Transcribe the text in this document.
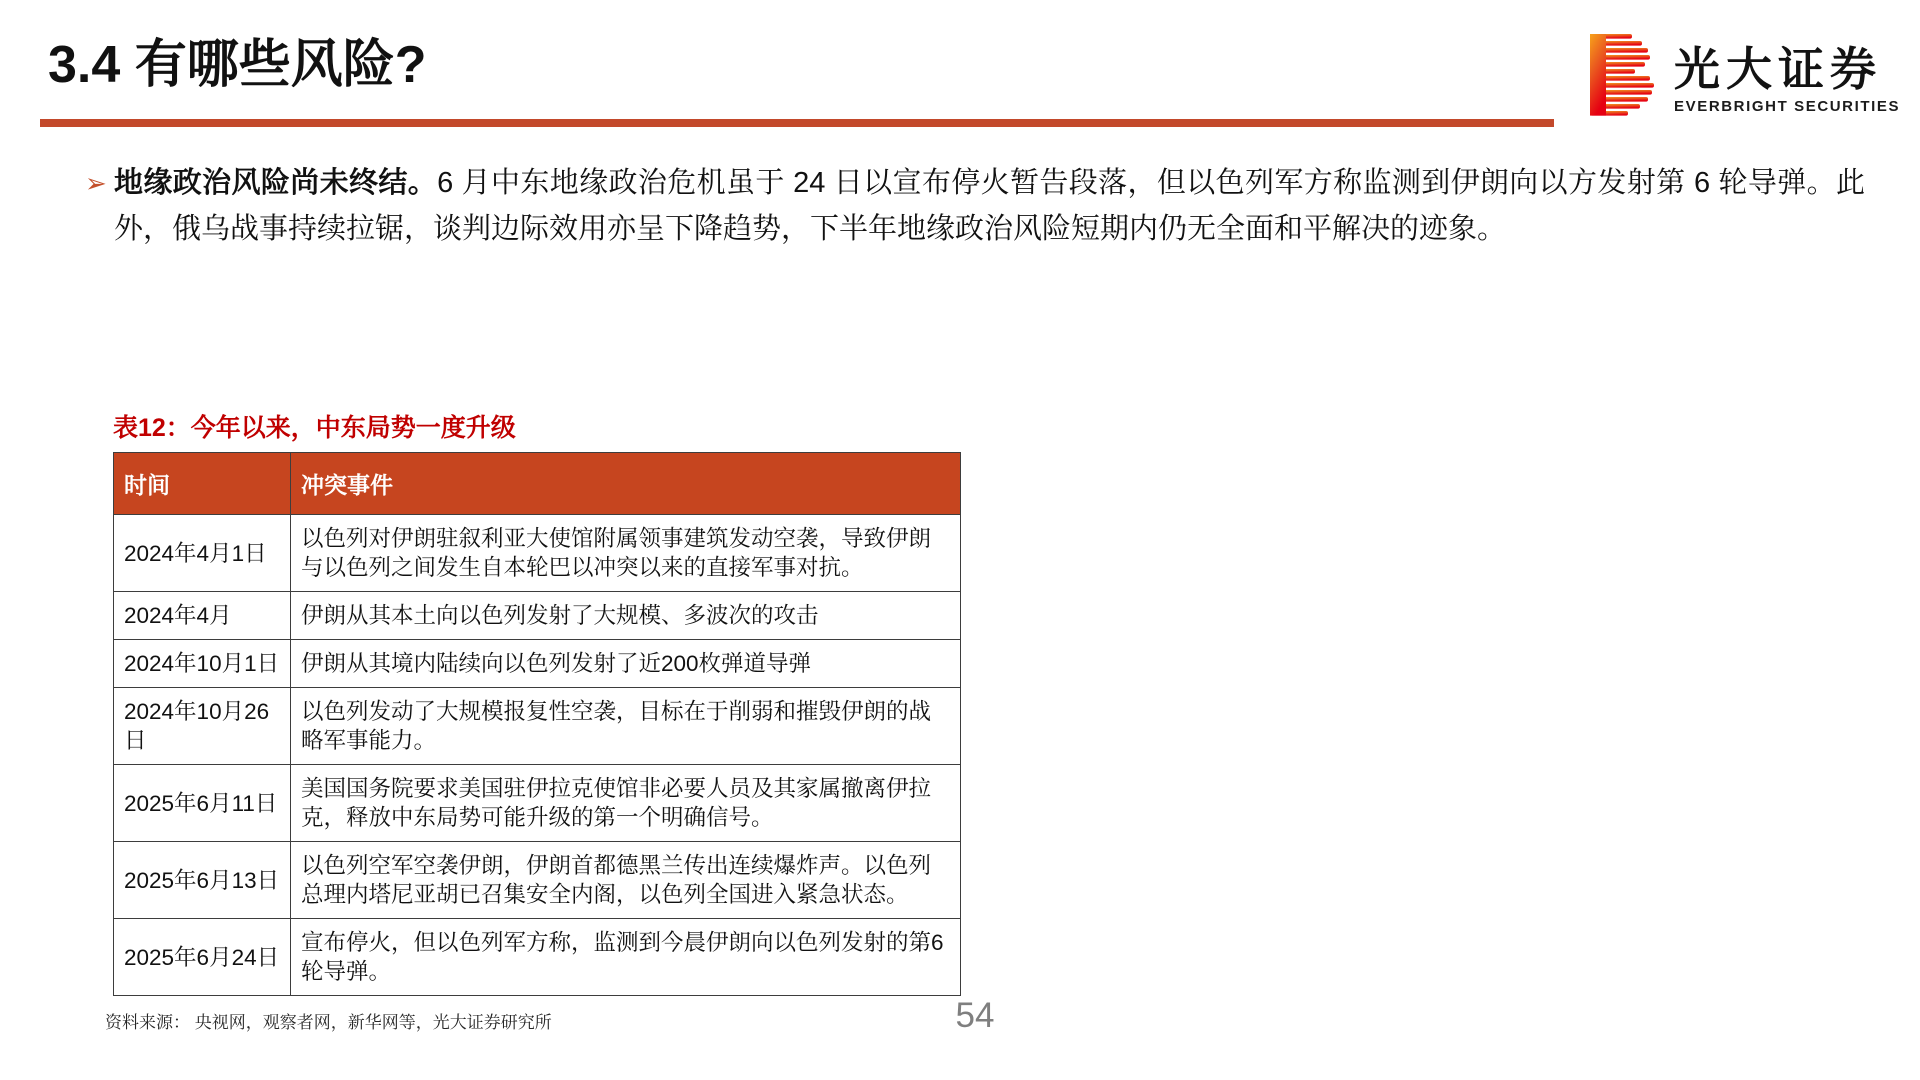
3.4 有哪些风险?	光大证券
EVERBRIGHT SECURITIES
➢ 地缘政治风险尚未终结。6 月中东地缘政治危机虽于 24 日以宣布停火暂告段落，但以色列军方称监测到伊朗向以方发射第 6 轮导弹。此外，俄乌战事持续拉锯，谈判边际效用亦呈下降趋势，下半年地缘政治风险短期内仍无全面和平解决的迹象。
表12：今年以来，中东局势一度升级
时间	冲突事件
2024年4月1日	以色列对伊朗驻叙利亚大使馆附属领事建筑发动空袭，导致伊朗与以色列之间发生自本轮巴以冲突以来的直接军事对抗。
2024年4月	伊朗从其本土向以色列发射了大规模、多波次的攻击
2024年10月1日	伊朗从其境内陆续向以色列发射了近200枚弹道导弹
2024年10月26日	以色列发动了大规模报复性空袭，目标在于削弱和摧毁伊朗的战略军事能力。
2025年6月11日	美国国务院要求美国驻伊拉克使馆非必要人员及其家属撤离伊拉克，释放中东局势可能升级的第一个明确信号。
2025年6月13日	以色列空军空袭伊朗，伊朗首都德黑兰传出连续爆炸声。以色列总理内塔尼亚胡已召集安全内阁，以色列全国进入紧急状态。
2025年6月24日	宣布停火，但以色列军方称，监测到今晨伊朗向以色列发射的第6轮导弹。
资料来源： 央视网，观察者网，新华网等，光大证券研究所	54
